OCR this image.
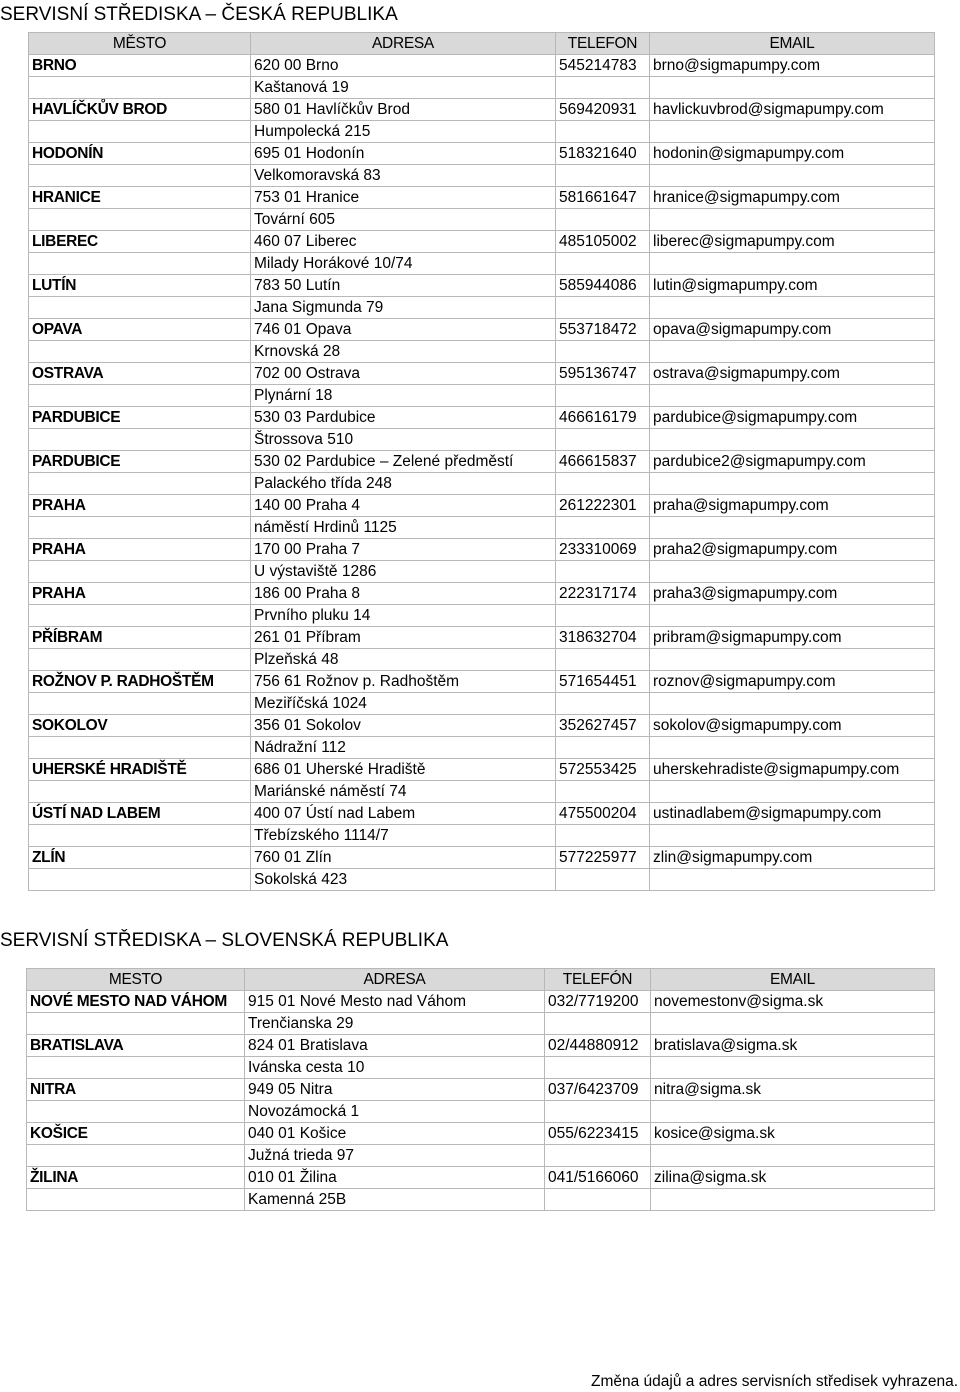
SERVISNÍ STŘEDISKA – ČESKÁ REPUBLIKA
MĚSTO	ADRESA	TELEFON	EMAIL
BRNO	620 00 Brno	545214783	brno@sigmapumpy.com
	Kaštanová 19		
HAVLÍČKŮV BROD	580 01 Havlíčkův Brod	569420931	havlickuvbrod@sigmapumpy.com
	Humpolecká 215		
HODONÍN	695 01 Hodonín	518321640	hodonin@sigmapumpy.com
	Velkomoravská 83		
HRANICE	753 01 Hranice	581661647	hranice@sigmapumpy.com
	Tovární 605		
LIBEREC	460 07 Liberec	485105002	liberec@sigmapumpy.com
	Milady Horákové 10/74		
LUTÍN	783 50 Lutín	585944086	lutin@sigmapumpy.com
	Jana Sigmunda 79		
OPAVA	746 01 Opava	553718472	opava@sigmapumpy.com
	Krnovská 28		
OSTRAVA	702 00 Ostrava	595136747	ostrava@sigmapumpy.com
	Plynární 18		
PARDUBICE	530 03 Pardubice	466616179	pardubice@sigmapumpy.com
	Štrossova 510		
PARDUBICE	530 02 Pardubice – Zelené předměstí	466615837	pardubice2@sigmapumpy.com
	Palackého třída 248		
PRAHA	140 00 Praha 4	261222301	praha@sigmapumpy.com
	náměstí Hrdinů 1125		
PRAHA	170 00 Praha 7	233310069	praha2@sigmapumpy.com
	U výstaviště 1286		
PRAHA	186 00 Praha 8	222317174	praha3@sigmapumpy.com
	Prvního pluku 14		
PŘÍBRAM	261 01 Příbram	318632704	pribram@sigmapumpy.com
	Plzeňská 48		
ROŽNOV P. RADHOŠTĚM	756 61 Rožnov p. Radhoštěm	571654451	roznov@sigmapumpy.com
	Meziříčská 1024		
SOKOLOV	356 01 Sokolov	352627457	sokolov@sigmapumpy.com
	Nádražní 112		
UHERSKÉ HRADIŠTĚ	686 01 Uherské Hradiště	572553425	uherskehradiste@sigmapumpy.com
	Mariánské náměstí 74		
ÚSTÍ NAD LABEM	400 07 Ústí nad Labem	475500204	ustinadlabem@sigmapumpy.com
	Třebízského 1114/7		
ZLÍN	760 01 Zlín	577225977	zlin@sigmapumpy.com
	Sokolská 423		
SERVISNÍ STŘEDISKA – SLOVENSKÁ REPUBLIKA
MESTO	ADRESA	TELEFÓN	EMAIL
NOVÉ MESTO NAD VÁHOM	915 01 Nové Mesto nad Váhom	032/7719200	novemestonv@sigma.sk
	Trenčianska 29		
BRATISLAVA	824 01 Bratislava	02/44880912	bratislava@sigma.sk
	Ivánska cesta 10		
NITRA	949 05 Nitra	037/6423709	nitra@sigma.sk
	Novozámocká 1		
KOŠICE	040 01 Košice	055/6223415	kosice@sigma.sk
	Južná trieda 97		
ŽILINA	010 01 Žilina	041/5166060	zilina@sigma.sk
	Kamenná 25B		
Změna údajů a adres servisních středisek vyhrazena.
